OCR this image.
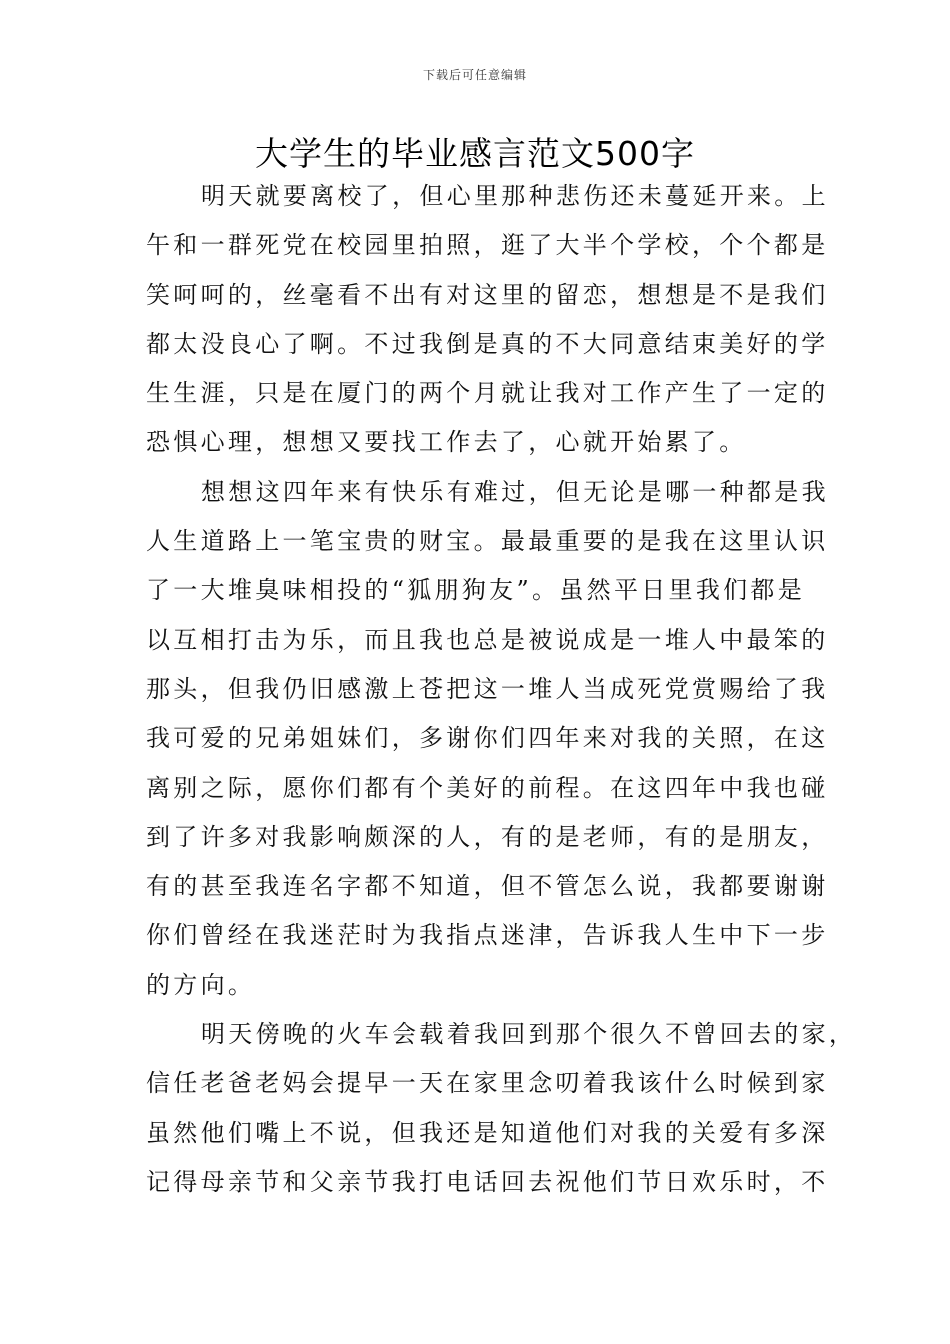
下载后可任意编辑
大学生的毕业感言范文500字
明天就要离校了，但心里那种悲伤还未蔓延开来。上
午和一群死党在校园里拍照，逛了大半个学校，个个都是
笑呵呵的，丝毫看不出有对这里的留恋，想想是不是我们
都太没良心了啊。不过我倒是真的不大同意结束美好的学
生生涯，只是在厦门的两个月就让我对工作产生了一定的
恐惧心理，想想又要找工作去了，心就开始累了。
想想这四年来有快乐有难过，但无论是哪一种都是我
人生道路上一笔宝贵的财宝。最最重要的是我在这里认识
了一大堆臭味相投的“狐朋狗友”。虽然平日里我们都是
以互相打击为乐，而且我也总是被说成是一堆人中最笨的
那头，但我仍旧感激上苍把这一堆人当成死党赏赐给了我
我可爱的兄弟姐妹们，多谢你们四年来对我的关照，在这
离别之际，愿你们都有个美好的前程。在这四年中我也碰
到了许多对我影响颇深的人，有的是老师，有的是朋友，
有的甚至我连名字都不知道，但不管怎么说，我都要谢谢
你们曾经在我迷茫时为我指点迷津，告诉我人生中下一步
的方向。
明天傍晚的火车会载着我回到那个很久不曾回去的家，
信任老爸老妈会提早一天在家里念叨着我该什么时候到家
虽然他们嘴上不说，但我还是知道他们对我的关爱有多深
记得母亲节和父亲节我打电话回去祝他们节日欢乐时，不
